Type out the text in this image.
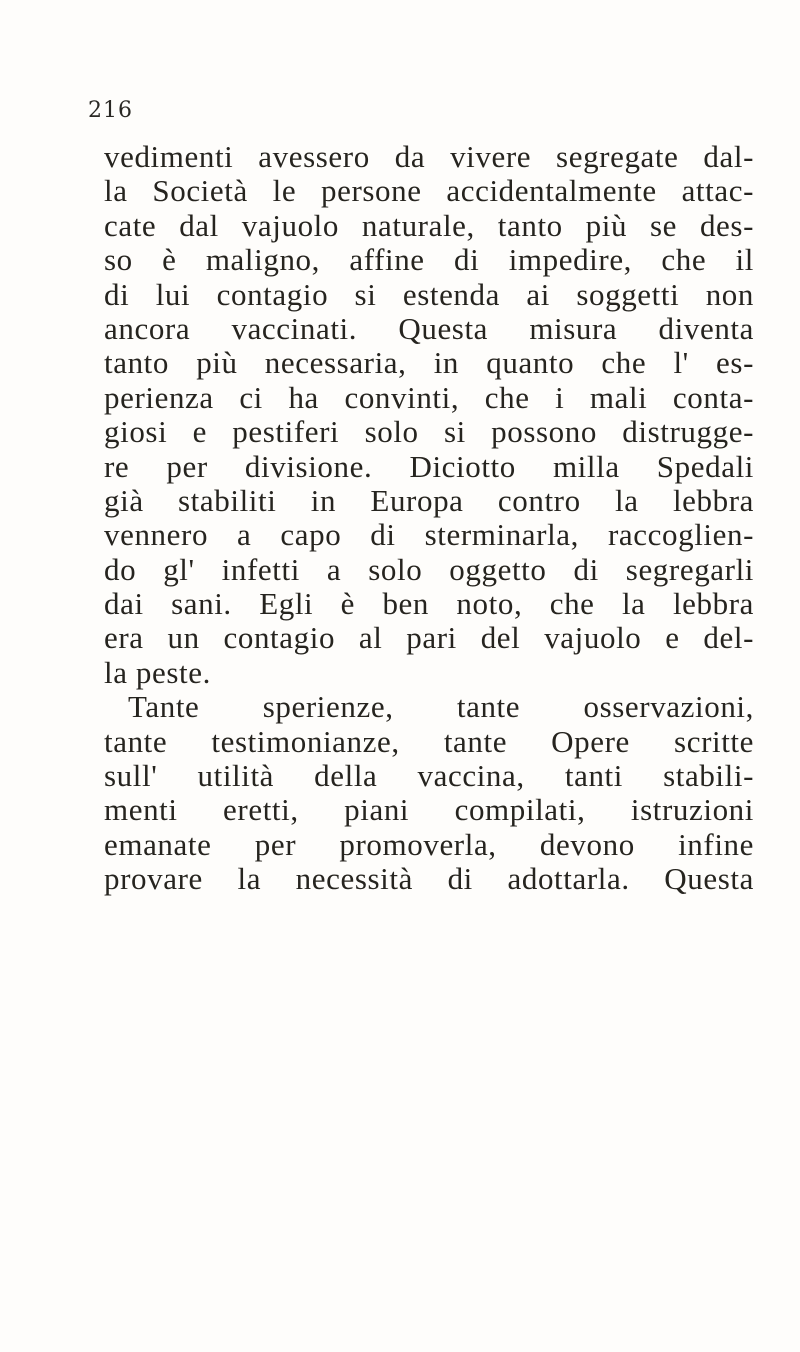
216
vedimenti avessero da vivere segregate dal-
la Società le persone accidentalmente attac-
cate dal vajuolo naturale, tanto più se des-
so è maligno, affine di impedire, che il
di lui contagio si estenda ai soggetti non
ancora vaccinati. Questa misura diventa
tanto più necessaria, in quanto che l' es-
perienza ci ha convinti, che i mali conta-
giosi e pestiferi solo si possono distrugge-
re per divisione. Diciotto milla Spedali
già stabiliti in Europa contro la lebbra
vennero a capo di sterminarla, raccoglien-
do gl' infetti a solo oggetto di segregarli
dai sani. Egli è ben noto, che la lebbra
era un contagio al pari del vajuolo e del-
la peste.
Tante sperienze, tante osservazioni,
tante testimonianze, tante Opere scritte
sull' utilità della vaccina, tanti stabili-
menti eretti, piani compilati, istruzioni
emanate per promoverla, devono infine
provare la necessità di adottarla. Questa
